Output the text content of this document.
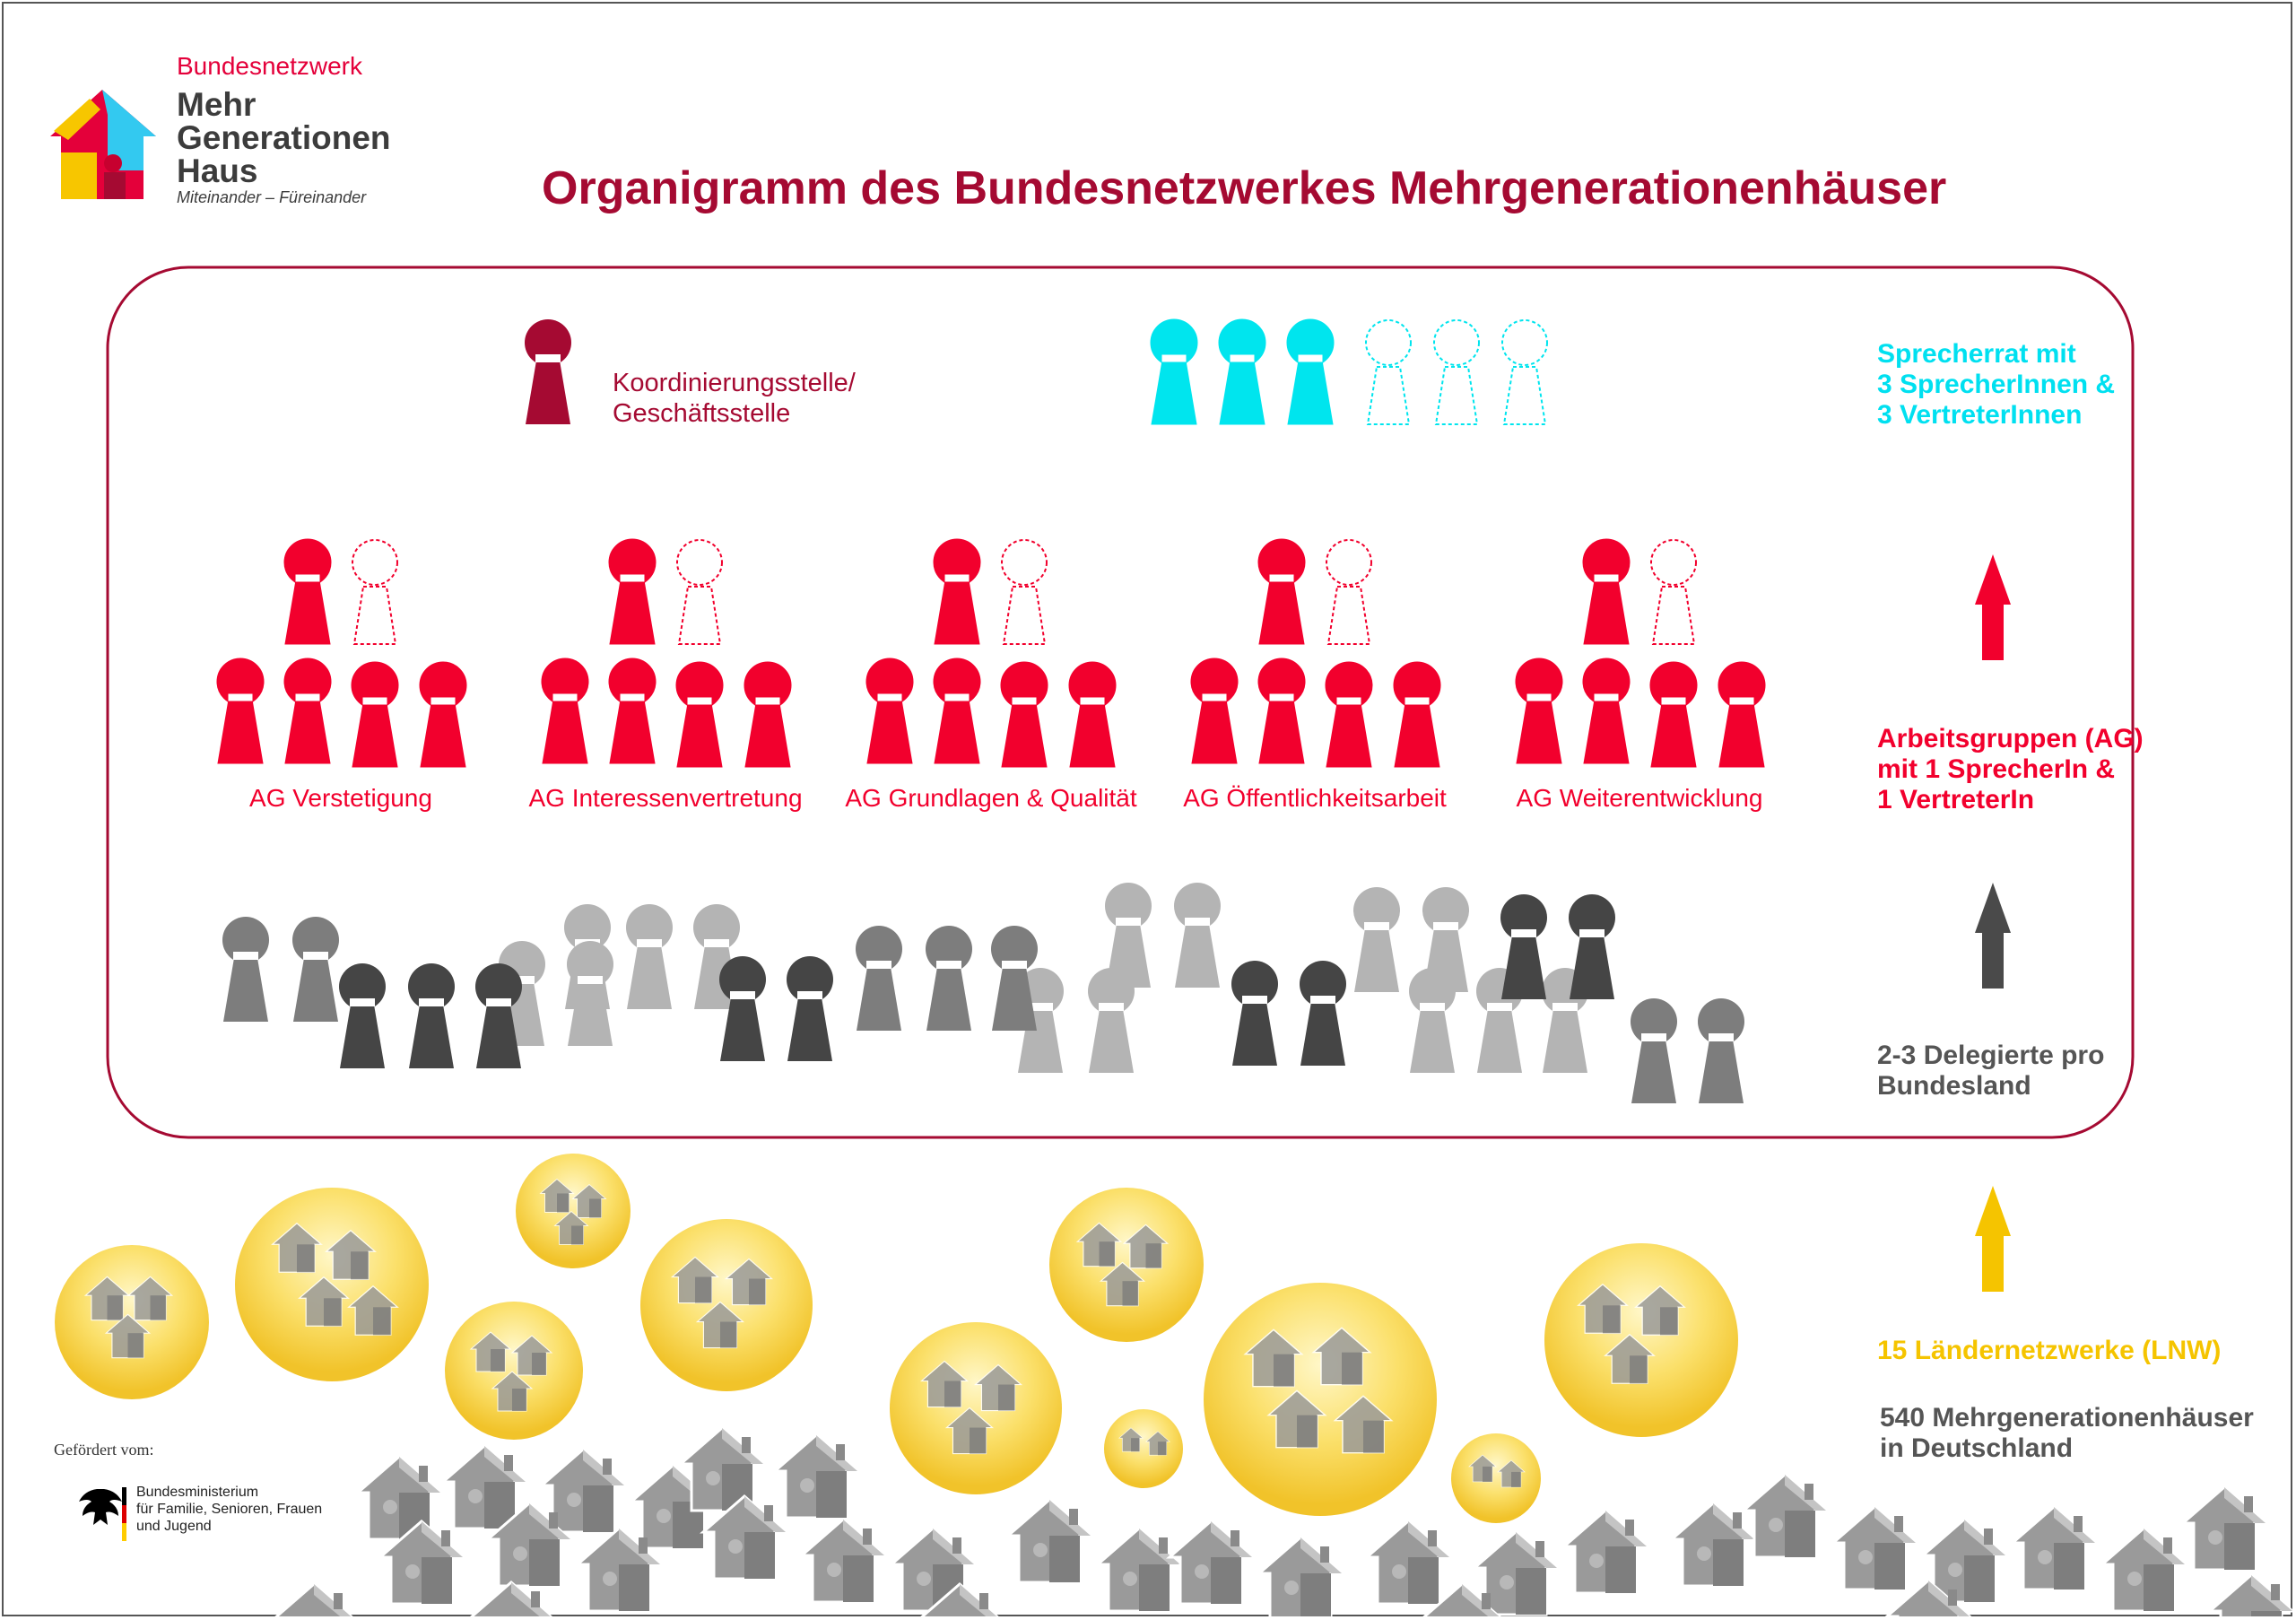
Bundesnetzwerk
Mehr
Generationen
Haus
Miteinander – Füreinander	Organigramm des Bundesnetzwerkes Mehrgenerationenhäuser
Koordinierungsstelle/
Geschäftsstelle
Sprecherrat mit
3 SprecherInnen &
3 VertreterInnen
Arbeitsgruppen (AG)
mit 1 SprecherIn &
1 VertreterIn
2-3 Delegierte pro
Bundesland
15 Ländernetzwerke (LNW)
540 Mehrgenerationenhäuser
in Deutschland
AG Verstetigung	AG Interessenvertretung	AG Grundlagen & Qualität	AG Öffentlichkeitsarbeit	AG Weiterentwicklung
Gefördert vom:
Bundesministerium
für Familie, Senioren, Frauen
und Jugend
